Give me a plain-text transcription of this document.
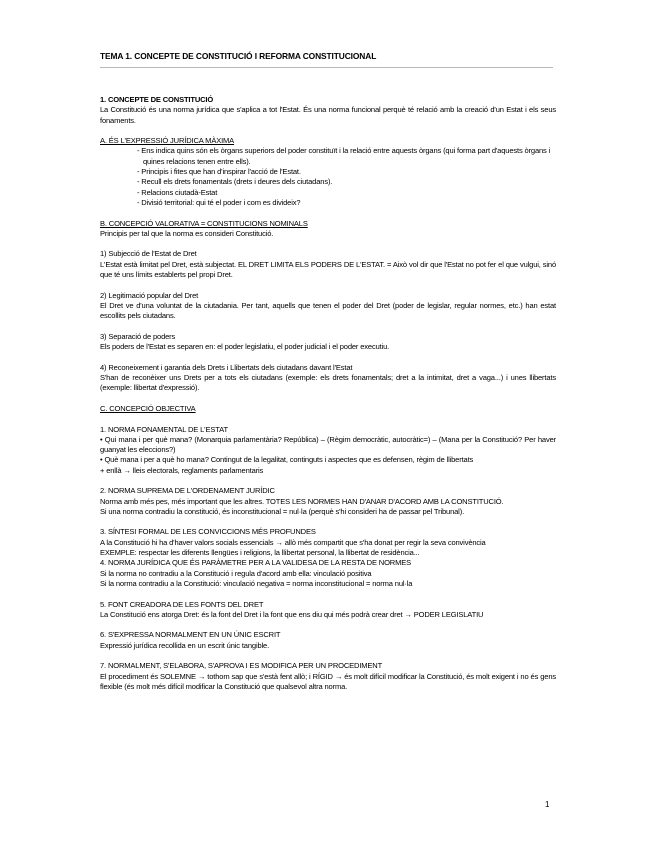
TEMA 1. CONCEPTE DE CONSTITUCIÓ I REFORMA CONSTITUCIONAL

1. CONCEPTE DE CONSTITUCIÓ

La Constitució és una norma jurídica que s'aplica a tot l'Estat. És una norma funcional perquè té relació amb la creació d'un Estat i els seus fonaments.

A. ÉS L'EXPRESSIÓ JURÍDICA MÀXIMA

- Ens indica quins són els òrgans superiors del poder constituït i la relació entre aquests òrgans (qui forma part d'aquests òrgans i quines relacions tenen entre ells).

- Principis i fites que han d'inspirar l'acció de l'Estat.

- Recull els drets fonamentals (drets i deures dels ciutadans).

- Relacions ciutadà-Estat

- Divisió territorial: qui té el poder i com es divideix?

B. CONCEPCIÓ VALORATIVA = CONSTITUCIONS NOMINALS

Principis per tal que la norma es consideri Constitució.

1) Subjecció de l'Estat de Dret

L'Estat està limitat pel Dret, està subjectat. EL DRET LIMITA ELS PODERS DE L'ESTAT. = Això vol dir que l'Estat no pot fer el que vulgui, sinó que té uns límits establerts pel propi Dret.

2) Legitimació popular del Dret

El Dret ve d'una voluntat de la ciutadania. Per tant, aquells que tenen el poder del Dret (poder de legislar, regular normes, etc.) han estat escollits pels ciutadans.

3) Separació de poders

Els poders de l'Estat es separen en: el poder legislatiu, el poder judicial i el poder executiu.

4) Reconeixement i garantia dels Drets i Llibertats dels ciutadans davant l'Estat

S'han de reconèixer uns Drets per a tots els ciutadans (exemple: els drets fonamentals; dret a la intimitat, dret a vaga...) i unes llibertats (exemple: llibertat d'expressió).

C. CONCEPCIÓ OBJECTIVA

1. NORMA FONAMENTAL DE L'ESTAT

• Qui mana i per què mana? (Monarquia parlamentària? República) – (Règim democràtic, autocràtic=) – (Mana per la Constitució? Per haver guanyat les eleccions?)

• Què mana i per a què ho mana? Contingut de la legalitat, continguts i aspectes que es defensen, règim de llibertats

+ enllà → lleis electorals, reglaments parlamentaris

2. NORMA SUPREMA DE L'ORDENAMENT JURÍDIC

Norma amb més pes, més important que les altres. TOTES LES NORMES HAN D'ANAR D'ACORD AMB LA CONSTITUCIÓ.

Si una norma contradiu la constitució, és inconstitucional = nul·la (perquè s'hi consideri ha de passar pel Tribunal).

3. SÍNTESI FORMAL DE LES CONVICCIONS MÉS PROFUNDES

A la Constitució hi ha d'haver valors socials essencials → allò més compartit que s'ha donat per regir la seva convivència

EXEMPLE: respectar les diferents llengües i religions, la llibertat personal, la llibertat de residència...

4. NORMA JURÍDICA QUE ÉS PARÀMETRE PER A LA VALIDESA DE LA RESTA DE NORMES

Si la norma no contradiu a la Constitució i regula d'acord amb ella: vinculació positiva

Si la norma contradiu a la Constitució: vinculació negativa = norma inconstitucional = norma nul·la

5. FONT CREADORA DE LES FONTS DEL DRET

La Constitució ens atorga Dret: és la font del Dret i la font que ens diu qui més podrà crear dret → PODER LEGISLATIU

6. S'EXPRESSA NORMALMENT EN UN ÚNIC ESCRIT

Expressió jurídica recollida en un escrit únic tangible.

7. NORMALMENT, S'ELABORA, S'APROVA I ES MODIFICA PER UN PROCEDIMENT

El procediment és SOLEMNE → tothom sap que s'està fent allò; i RÍGID → és molt difícil modificar la Constitució, és molt exigent i no és gens flexible (és molt més difícil modificar la Constitució que qualsevol altra norma.

1
